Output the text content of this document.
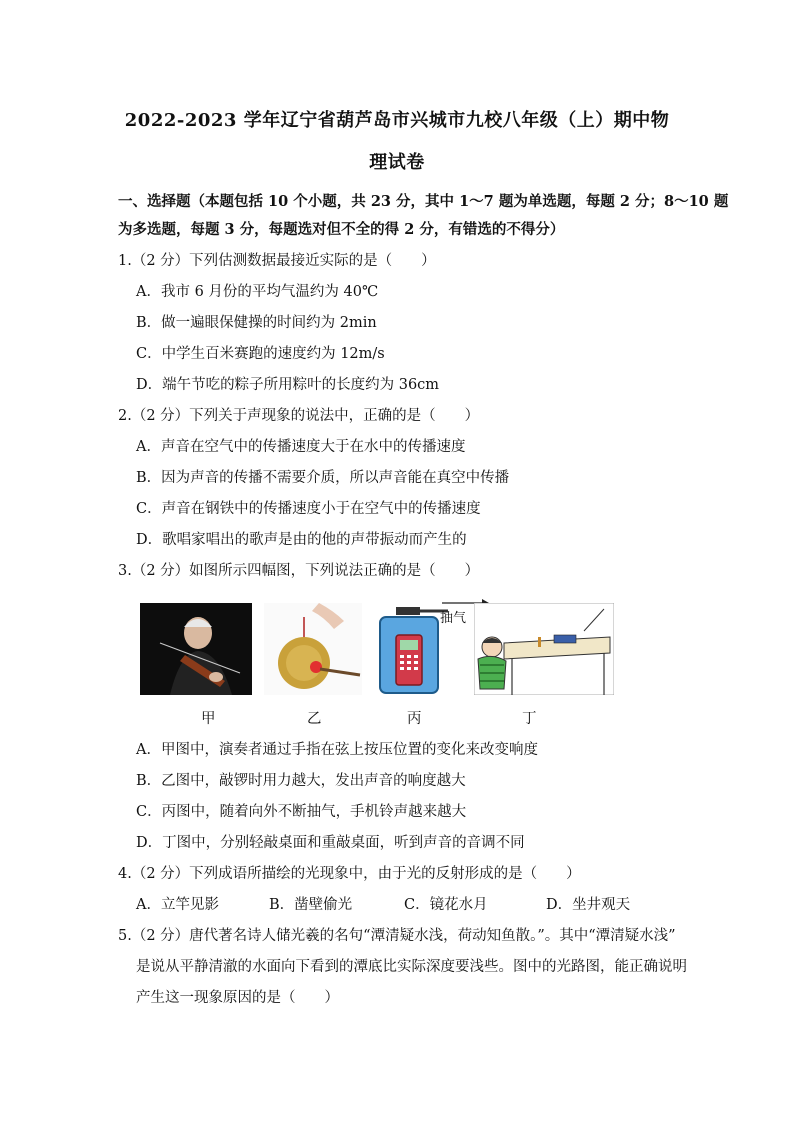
2022-2023 学年辽宁省葫芦岛市兴城市九校八年级（上）期中物
理试卷
一、选择题（本题包括 10 个小题，共 23 分，其中 1～7 题为单选题，每题 2 分；8～10 题
为多选题，每题 3 分，每题选对但不全的得 2 分，有错选的不得分）
1.（2 分）下列估测数据最接近实际的是（　　）
A．我市 6 月份的平均气温约为 40℃
B．做一遍眼保健操的时间约为 2min
C．中学生百米赛跑的速度约为 12m/s
D．端午节吃的粽子所用粽叶的长度约为 36cm
2.（2 分）下列关于声现象的说法中，正确的是（　　）
A．声音在空气中的传播速度大于在水中的传播速度
B．因为声音的传播不需要介质，所以声音能在真空中传播
C．声音在钢铁中的传播速度小于在空气中的传播速度
D．歌唱家唱出的歌声是由的他的声带振动而产生的
3.（2 分）如图所示四幅图，下列说法正确的是（　　）
抽气
甲	乙	丙	丁
A．甲图中，演奏者通过手指在弦上按压位置的变化来改变响度
B．乙图中，敲锣时用力越大，发出声音的响度越大
C．丙图中，随着向外不断抽气，手机铃声越来越大
D．丁图中，分别轻敲桌面和重敲桌面，听到声音的音调不同
4.（2 分）下列成语所描绘的光现象中，由于光的反射形成的是（　　）
A．立竿见影	B．凿壁偷光	C．镜花水月	D．坐井观天
5.（2 分）唐代著名诗人储光羲的名句“潭清疑水浅，荷动知鱼散。”。其中“潭清疑水浅”
是说从平静清澈的水面向下看到的潭底比实际深度要浅些。图中的光路图，能正确说明
产生这一现象原因的是（　　）
